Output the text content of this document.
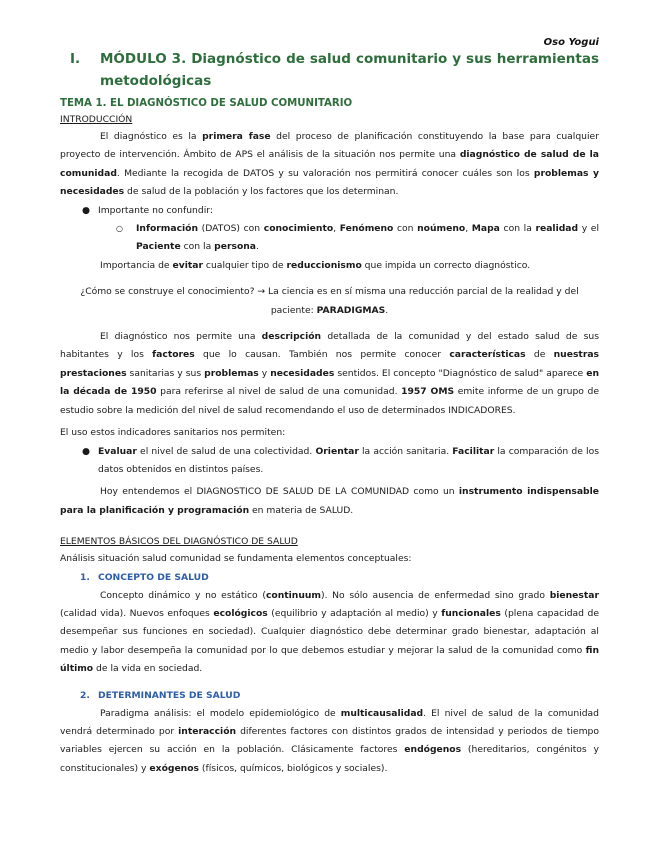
Oso Yogui
I.	MÓDULO 3. Diagnóstico de salud comunitario y sus herramientas metodológicas
TEMA 1. EL DIAGNÓSTICO DE SALUD COMUNITARIO
INTRODUCCIÓN

El diagnóstico es la primera fase del proceso de planificación constituyendo la base para cualquier proyecto de intervención. Ámbito de APS el análisis de la situación nos permite una diagnóstico de salud de la comunidad. Mediante la recogida de DATOS y su valoración nos permitirá conocer cuáles son los problemas y necesidades de salud de la población y los factores que los determinan.

● Importante no confundir:
○	Información (DATOS) con conocimiento, Fenómeno con noúmeno, Mapa con la realidad y el Paciente con la persona.

Importancia de evitar cualquier tipo de reduccionismo que impida un correcto diagnóstico.

¿Cómo se construye el conocimiento? → La ciencia es en sí misma una reducción parcial de la realidad y del paciente: PARADIGMAS.

El diagnóstico nos permite una descripción detallada de la comunidad y del estado salud de sus habitantes y los factores que lo causan. También nos permite conocer características de nuestras prestaciones sanitarias y sus problemas y necesidades sentidos. El concepto "Diagnóstico de salud" aparece en la década de 1950 para referirse al nivel de salud de una comunidad. 1957 OMS emite informe de un grupo de estudio sobre la medición del nivel de salud recomendando el uso de determinados INDICADORES.

El uso estos indicadores sanitarios nos permiten:

● Evaluar el nivel de salud de una colectividad. Orientar la acción sanitaria. Facilitar la comparación de los datos obtenidos en distintos países.

Hoy entendemos el DIAGNOSTICO DE SALUD DE LA COMUNIDAD como un instrumento indispensable para la planificación y programación en materia de SALUD.

ELEMENTOS BÁSICOS DEL DIAGNÓSTICO DE SALUD

Análisis situación salud comunidad se fundamenta elementos conceptuales:

1. CONCEPTO DE SALUD

Concepto dinámico y no estático (continuum). No sólo ausencia de enfermedad sino grado bienestar (calidad vida). Nuevos enfoques ecológicos (equilibrio y adaptación al medio) y funcionales (plena capacidad de desempeñar sus funciones en sociedad). Cualquier diagnóstico debe determinar grado bienestar, adaptación al medio y labor desempeña la comunidad por lo que debemos estudiar y mejorar la salud de la comunidad como fin último de la vida en sociedad.

2. DETERMINANTES DE SALUD

Paradigma análisis: el modelo epidemiológico de multicausalidad. El nivel de salud de la comunidad vendrá determinado por interacción diferentes factores con distintos grados de intensidad y periodos de tiempo variables ejercen su acción en la población. Clásicamente factores endógenos (hereditarios, congénitos y constitucionales) y exógenos (físicos, químicos, biológicos y sociales).
